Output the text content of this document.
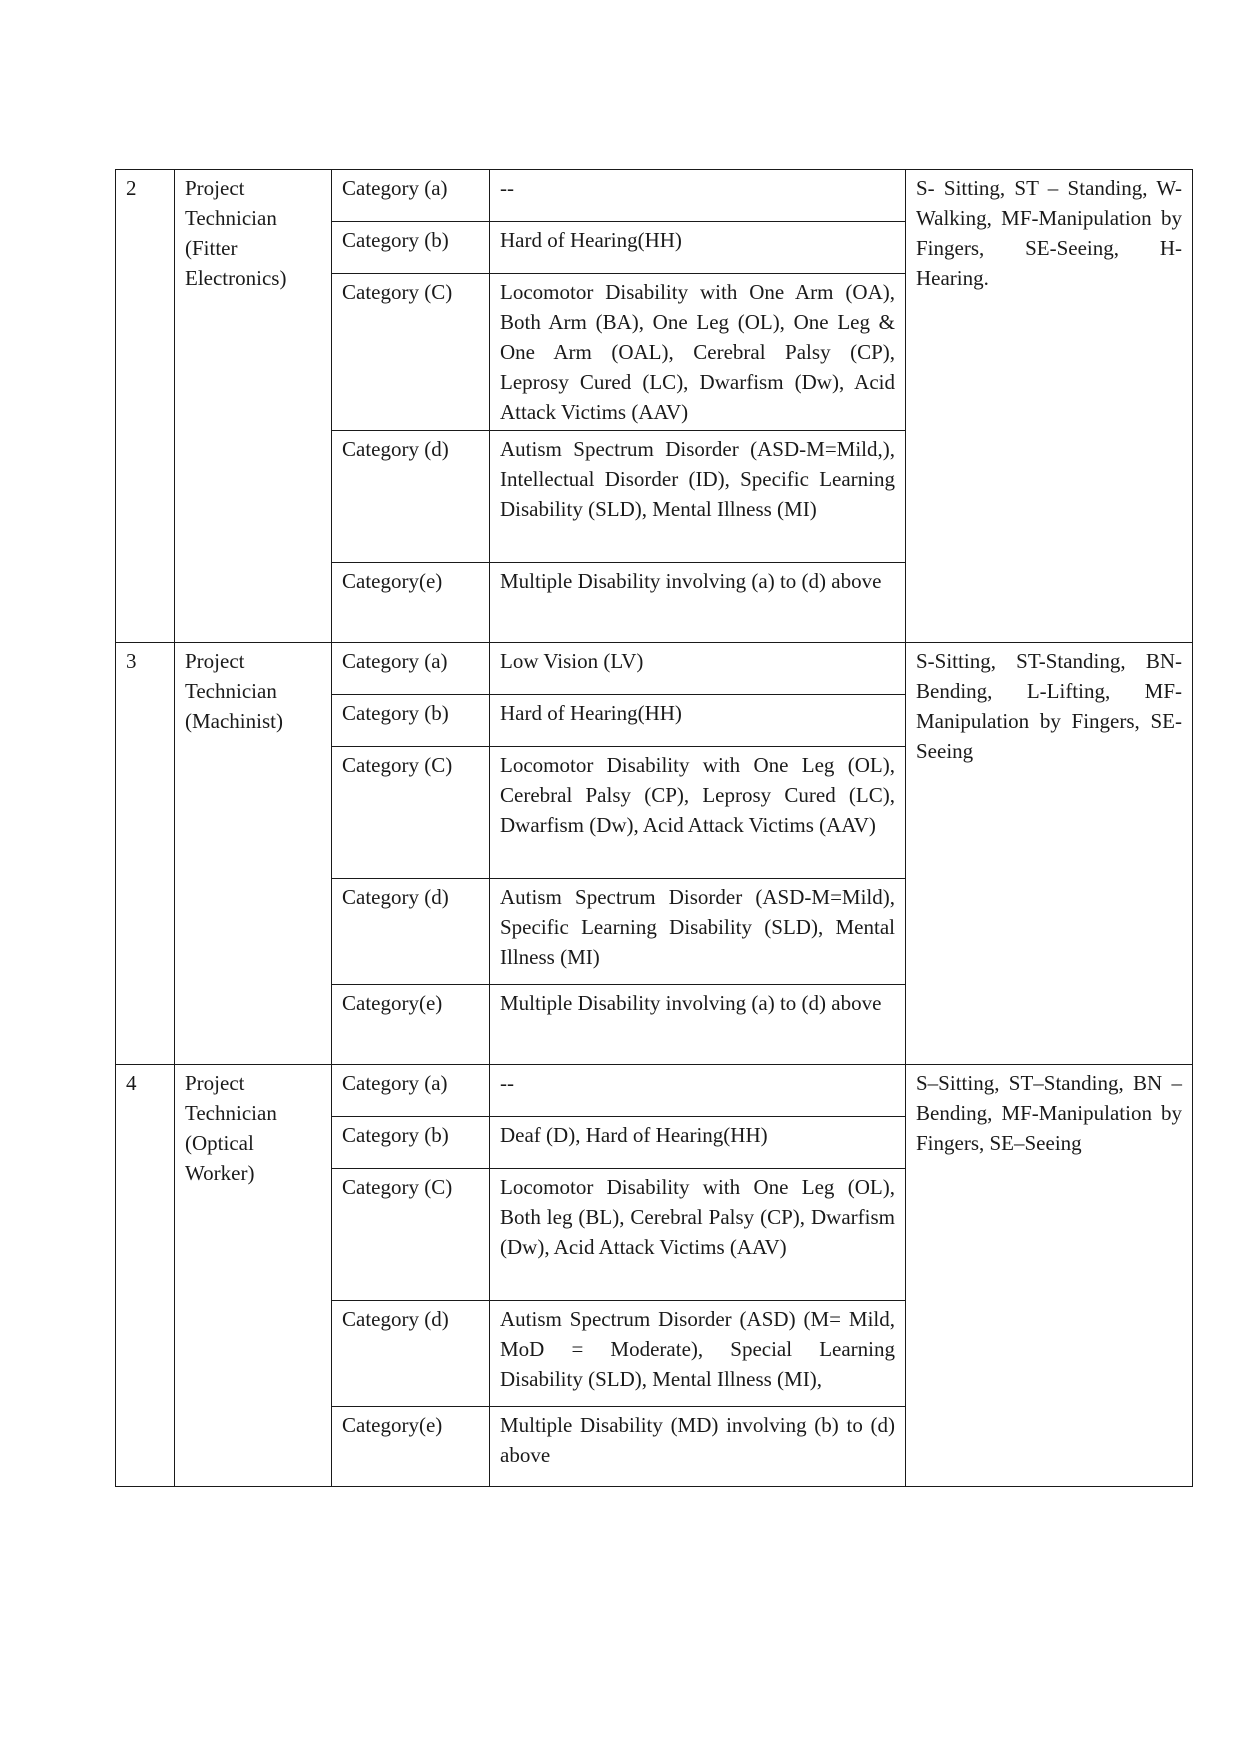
2	Project Technician (Fitter Electronics)	Category (a)	--	S- Sitting, ST – Standing, W-Walking, MF-Manipulation by Fingers, SE-Seeing, H-Hearing.
		Category (b)	Hard of Hearing(HH)	
		Category (C)	Locomotor Disability with One Arm (OA), Both Arm (BA), One Leg (OL), One Leg & One Arm (OAL), Cerebral Palsy (CP), Leprosy Cured (LC), Dwarfism (Dw), Acid Attack Victims (AAV)	
		Category (d)	Autism Spectrum Disorder (ASD-M=Mild,), Intellectual Disorder (ID), Specific Learning Disability (SLD), Mental Illness (MI)	
		Category(e)	Multiple Disability involving (a) to (d) above	
3	Project Technician (Machinist)	Category (a)	Low Vision (LV)	S-Sitting, ST-Standing, BN-Bending, L-Lifting, MF-Manipulation by Fingers, SE-Seeing
		Category (b)	Hard of Hearing(HH)	
		Category (C)	Locomotor Disability with One Leg (OL), Cerebral Palsy (CP), Leprosy Cured (LC), Dwarfism (Dw), Acid Attack Victims (AAV)	
		Category (d)	Autism Spectrum Disorder (ASD-M=Mild), Specific Learning Disability (SLD), Mental Illness (MI)	
		Category(e)	Multiple Disability involving (a) to (d) above	
4	Project Technician (Optical Worker)	Category (a)	--	S–Sitting, ST–Standing, BN –Bending, MF-Manipulation by Fingers, SE–Seeing
		Category (b)	Deaf (D), Hard of Hearing(HH)	
		Category (C)	Locomotor Disability with One Leg (OL), Both leg (BL), Cerebral Palsy (CP), Dwarfism (Dw), Acid Attack Victims (AAV)	
		Category (d)	Autism Spectrum Disorder (ASD) (M= Mild, MoD = Moderate), Special Learning Disability (SLD), Mental Illness (MI),	
		Category(e)	Multiple Disability (MD) involving (b) to (d) above	
